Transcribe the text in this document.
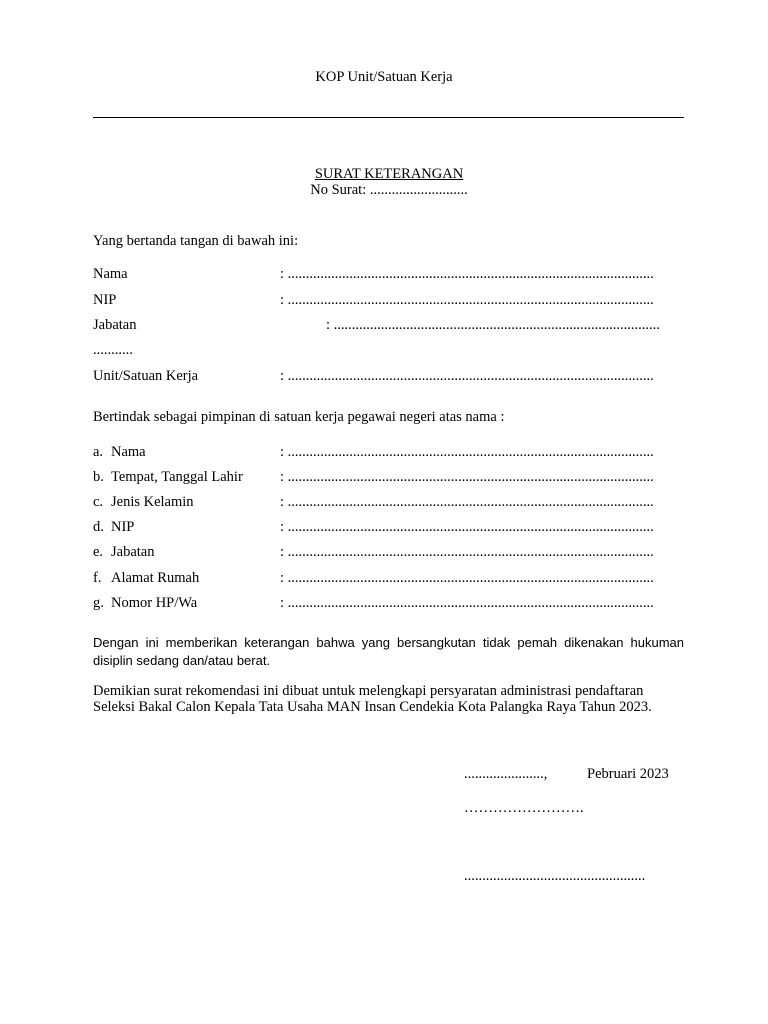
KOP Unit/Satuan Kerja
SURAT KETERANGAN
No Surat: ...........................
Yang bertanda tangan di bawah ini:
Nama	: .....................................................................................................
NIP	: .....................................................................................................
Jabatan	: ..........................................................................................
...........
Unit/Satuan Kerja	: .....................................................................................................
Bertindak sebagai pimpinan di satuan kerja pegawai negeri atas nama :
a. Nama	: .....................................................................................................
b. Tempat, Tanggal Lahir	: .....................................................................................................
c. Jenis Kelamin	: .....................................................................................................
d. NIP	: .....................................................................................................
e. Jabatan	: .....................................................................................................
f. Alamat Rumah	: .....................................................................................................
g. Nomor HP/Wa	: .....................................................................................................
Dengan ini memberikan keterangan bahwa yang bersangkutan tidak pemah dikenakan hukuman disiplin sedang dan/atau berat.
Demikian surat rekomendasi ini dibuat untuk melengkapi persyaratan administrasi pendaftaran Seleksi Bakal Calon Kepala Tata Usaha MAN Insan Cendekia Kota Palangka Raya Tahun 2023.
......................,	Pebruari 2023
…………………….
..................................................
